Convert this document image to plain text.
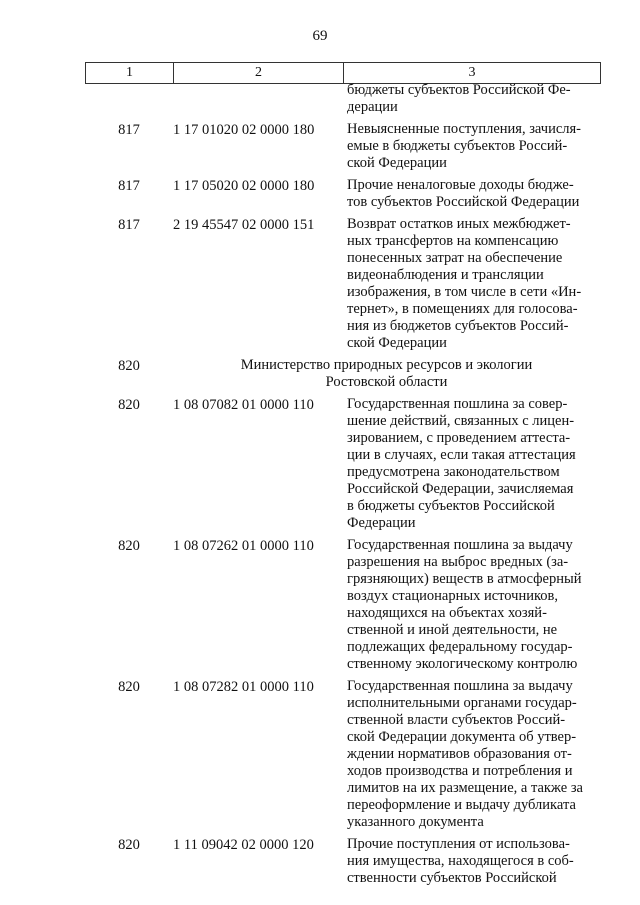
69
1	2	3
бюджеты субъектов Российской Фе-
дерации
817	1 17 01020 02 0000 180	Невыясненные поступления, зачисля-
емые в бюджеты субъектов Россий-
ской Федерации
817	1 17 05020 02 0000 180	Прочие неналоговые доходы бюдже-
тов субъектов Российской Федерации
817	2 19 45547 02 0000 151	Возврат остатков иных межбюджет-
ных трансфертов на компенсацию
понесенных затрат на обеспечение
видеонаблюдения и трансляции
изображения, в том числе в сети «Ин-
тернет», в помещениях для голосова-
ния из бюджетов субъектов Россий-
ской Федерации
820	Министерство природных ресурсов и экологии
Ростовской области
820	1 08 07082 01 0000 110	Государственная пошлина за совер-
шение действий, связанных с лицен-
зированием, с проведением аттеста-
ции в случаях, если такая аттестация
предусмотрена законодательством
Российской Федерации, зачисляемая
в бюджеты субъектов Российской
Федерации
820	1 08 07262 01 0000 110	Государственная пошлина за выдачу
разрешения на выброс вредных (за-
грязняющих) веществ в атмосферный
воздух стационарных источников,
находящихся на объектах хозяй-
ственной и иной деятельности, не
подлежащих федеральному государ-
ственному экологическому контролю
820	1 08 07282 01 0000 110	Государственная пошлина за выдачу
исполнительными органами государ-
ственной власти субъектов Россий-
ской Федерации документа об утвер-
ждении нормативов образования от-
ходов производства и потребления и
лимитов на их размещение, а также за
переоформление и выдачу дубликата
указанного документа
820	1 11 09042 02 0000 120	Прочие поступления от использова-
ния имущества, находящегося в соб-
ственности субъектов Российской
